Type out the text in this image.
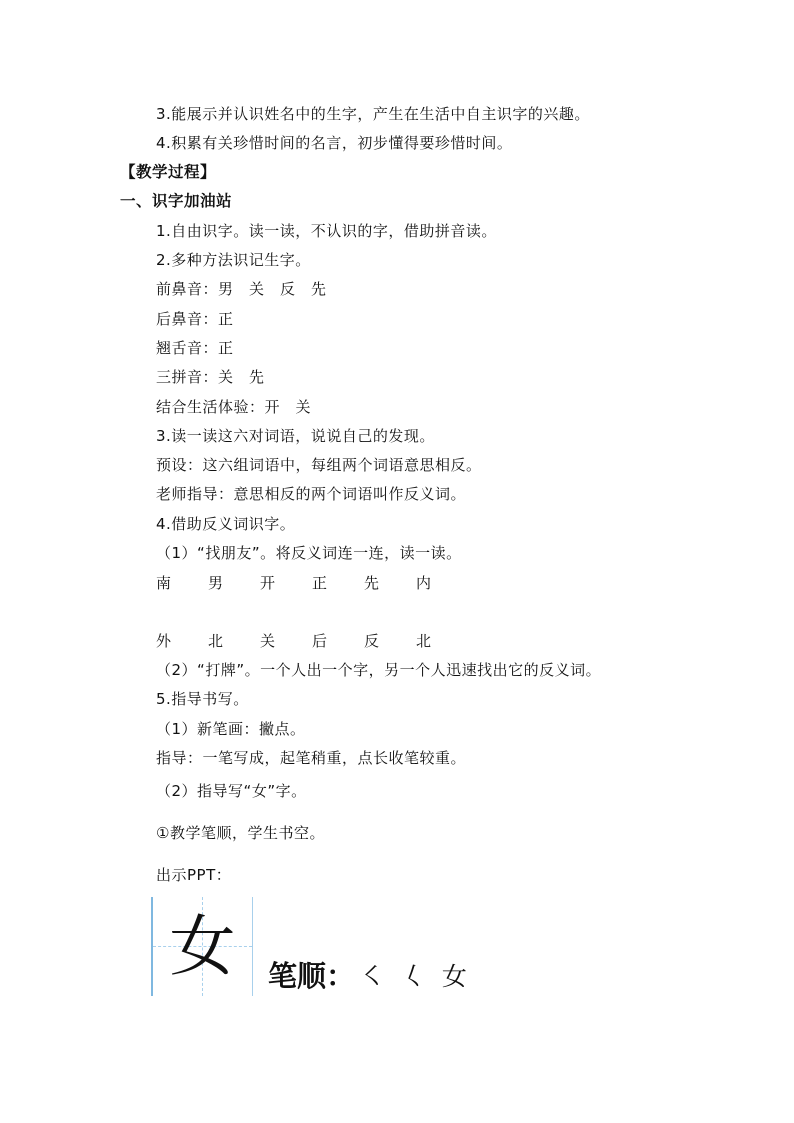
3.能展示并认识姓名中的生字，产生在生活中自主识字的兴趣。
4.积累有关珍惜时间的名言，初步懂得要珍惜时间。
【教学过程】
一、识字加油站
1.自由识字。读一读，不认识的字，借助拼音读。
2.多种方法识记生字。
前鼻音：男　关　反　先
后鼻音：正
翘舌音：正
三拼音：关　先
结合生活体验：开　关
3.读一读这六对词语，说说自己的发现。
预设：这六组词语中，每组两个词语意思相反。
老师指导：意思相反的两个词语叫作反义词。
4.借助反义词识字。
（1）“找朋友”。将反义词连一连，读一读。
南 男 开 正 先 内
外 北 关 后 反 北
（2）“打牌”。一个人出一个字，另一个人迅速找出它的反义词。
5.指导书写。
（1）新笔画：撇点。
指导：一笔写成，起笔稍重，点长收笔较重。
（2）指导写“女”字。
①教学笔顺，学生书空。
出示PPT：
女	笔顺： ㇛ 𡿨 女
